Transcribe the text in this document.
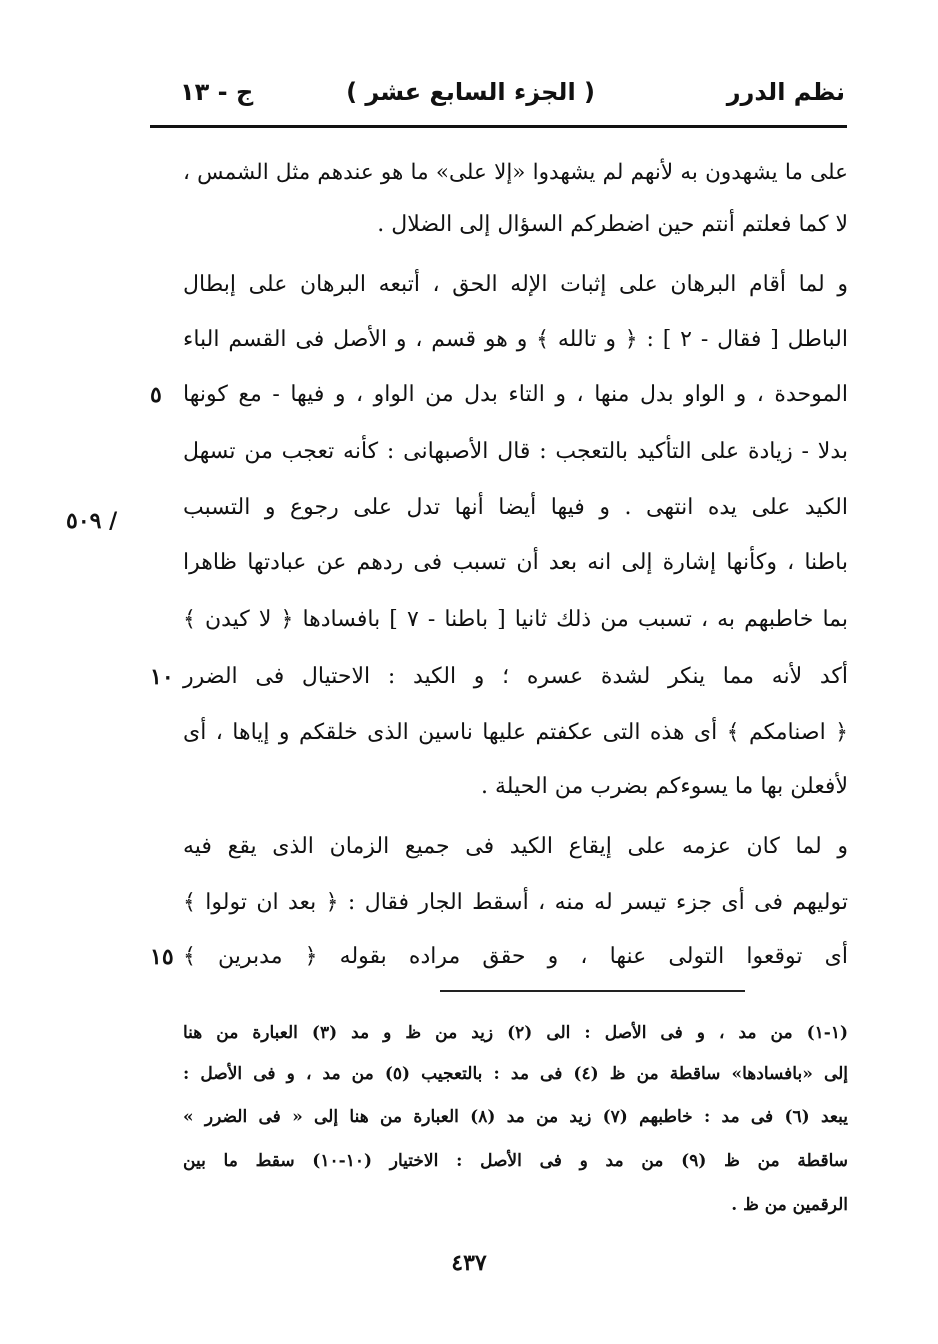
نظم الدرر
( الجزء السابع عشر )
ج - ١٣
على ما يشهدون به لأنهم لم يشهدوا «إلا على» ما هو عندهم مثل الشمس ،
لا كما فعلتم أنتم حين اضطركم السؤال إلى الضلال .
و لما أقام البرهان على إثبات الإله الحق ، أتبعه البرهان على إبطال
الباطل [ فقال - ٢ ] : ﴿ و تالله ﴾ و هو قسم ، و الأصل فى القسم الباء
الموحدة ، و الواو بدل منها ، و التاء بدل من الواو ، و فيها - مع كونها
بدلا - زيادة على التأكيد بالتعجب : قال الأصبهانى : كأنه تعجب من تسهل
الكيد على يده انتهى . و فيها أيضا أنها تدل على رجوع و التسبب
باطنا ، وكأنها إشارة إلى انه بعد أن تسبب فى ردهم عن عبادتها ظاهرا
بما خاطبهم به ، تسبب من ذلك ثانيا [ باطنا - ٧ ] بافسادها ﴿ لا كيدن ﴾
أكد لأنه مما ينكر لشدة عسره ؛ و الكيد : الاحتيال فى الضرر
﴿ اصنامكم ﴾ أى هذه التى عكفتم عليها ناسين الذى خلقكم و إياها ، أى
لأفعلن بها ما يسوءكم بضرب من الحيلة .
و لما كان عزمه على إيقاع الكيد فى جميع الزمان الذى يقع فيه
توليهم فى أى جزء تيسر له منه ، أسقط الجار فقال : ﴿ بعد ان تولوا ﴾
أى توقعوا التولى عنها ، و حقق مراده بقوله ﴿ مدبرين ﴾
٥
٥٠٩ /
١٠
١٥
(١-١) من مد ، و فى الأصل : الى (٢) زيد من ظ و مد (٣) العبارة من هنا
إلى «بافسادها» ساقطة من ظ (٤) فى مد : بالتعجيب (٥) من مد ، و فى الأصل :
يبعد (٦) فى مد : خاطبهم (٧) زيد من مد (٨) العبارة من هنا إلى « فى الضرر »
ساقطة من ظ (٩) من مد و فى الأصل : الاختيار (١٠-١٠) سقط ما بين
الرقمين من ظ .
٤٣٧
